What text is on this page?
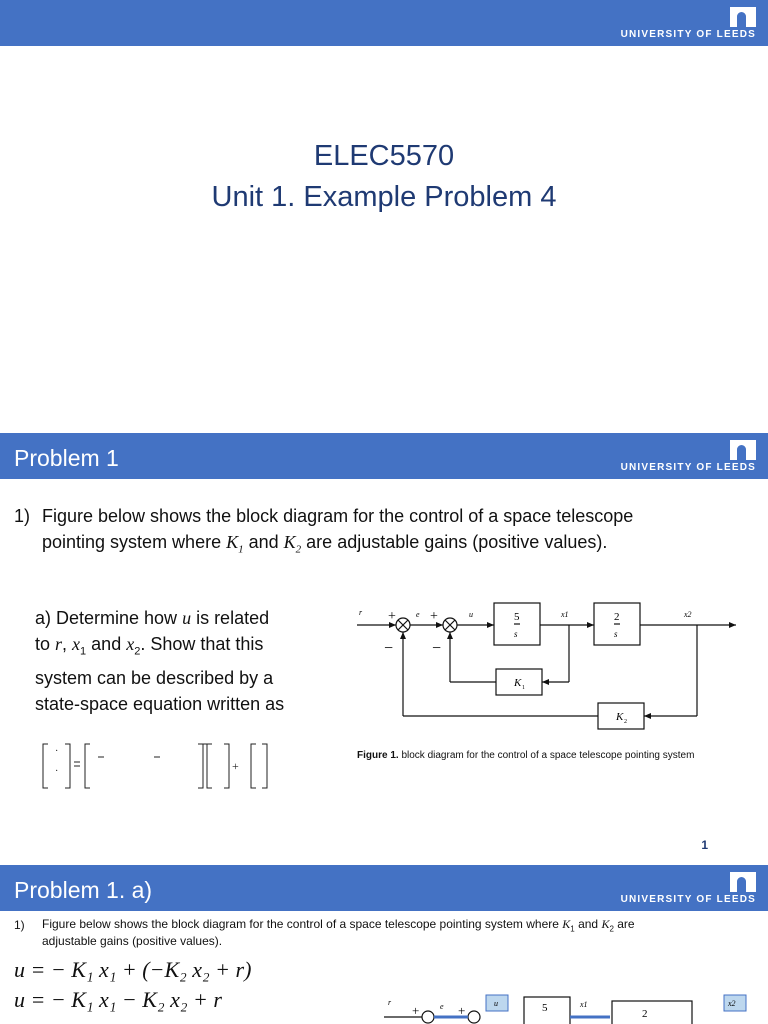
UNIVERSITY OF LEEDS
ELEC5570
Unit 1. Example Problem 4
Problem 1	UNIVERSITY OF LEEDS
1) Figure below shows the block diagram for the control of a space telescope
pointing system where $K_1$ and $K_2$ are adjustable gains (positive values).
a) Determine how u is related
to r, $x_1$ and $x_2$. Show that this
system can be described by a
state-space equation written as
·
·	+
r +	e +	u	x1	x2
− −
5
s
2
s
K 1
K 2
Figure 1. block diagram for the control of a space telescope pointing system
1
Problem 1. a)	UNIVERSITY OF LEEDS
1) Figure below shows the block diagram for the control of a space telescope pointing system where $K_1$ and $K_2$ are
adjustable gains (positive values).
u = − K₁ x₁ + (−K₂ x₂ + r)
u = − K₁ x₁ − K₂ x₂ + r	r
+	e +	u	5	x1
2
x2
